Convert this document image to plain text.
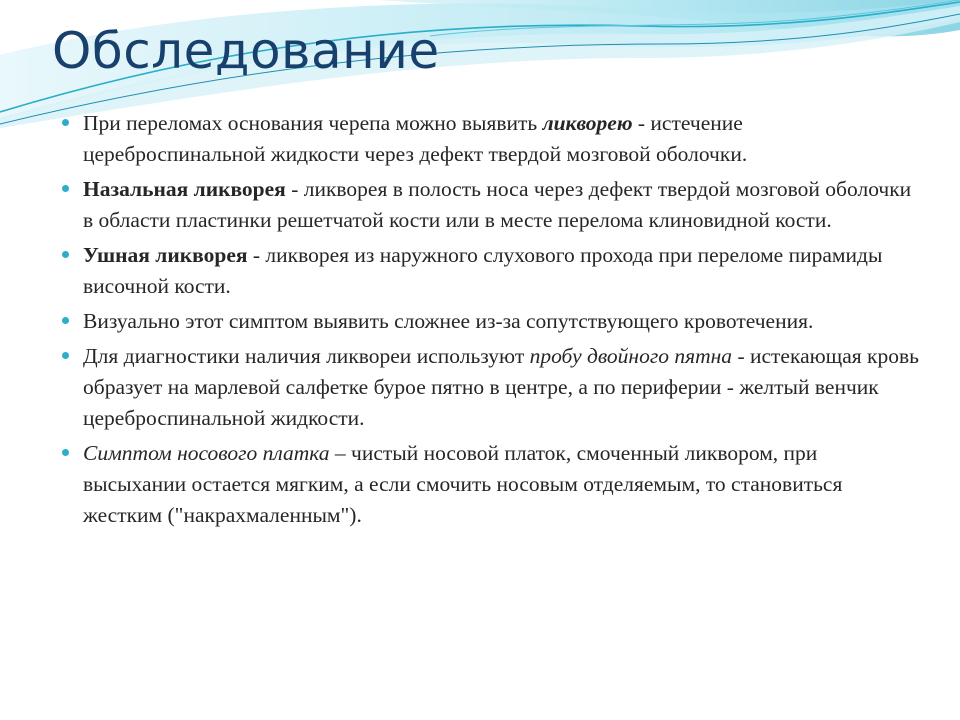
Обследование
При переломах основания черепа можно выявить ликворею - истечение цереброспинальной жидкости через дефект твердой мозговой оболочки.
Назальная ликворея - ликворея в полость носа через дефект твердой мозговой оболочки в области пластинки решетчатой кости или в месте перелома клиновидной кости.
Ушная ликворея - ликворея из наружного слухового прохода при переломе пирамиды височной кости.
Визуально этот симптом выявить сложнее из-за сопутствующего кровотечения.
Для диагностики наличия ликвореи используют пробу двойного пятна - истекающая кровь образует на марлевой салфетке бурое пятно в центре, а по периферии - желтый венчик цереброспинальной жидкости.
Симптом носового платка – чистый носовой платок, смоченный ликвором, при высыхании остается мягким, а если смочить носовым отделяемым, то становиться жестким ("накрахмаленным").
